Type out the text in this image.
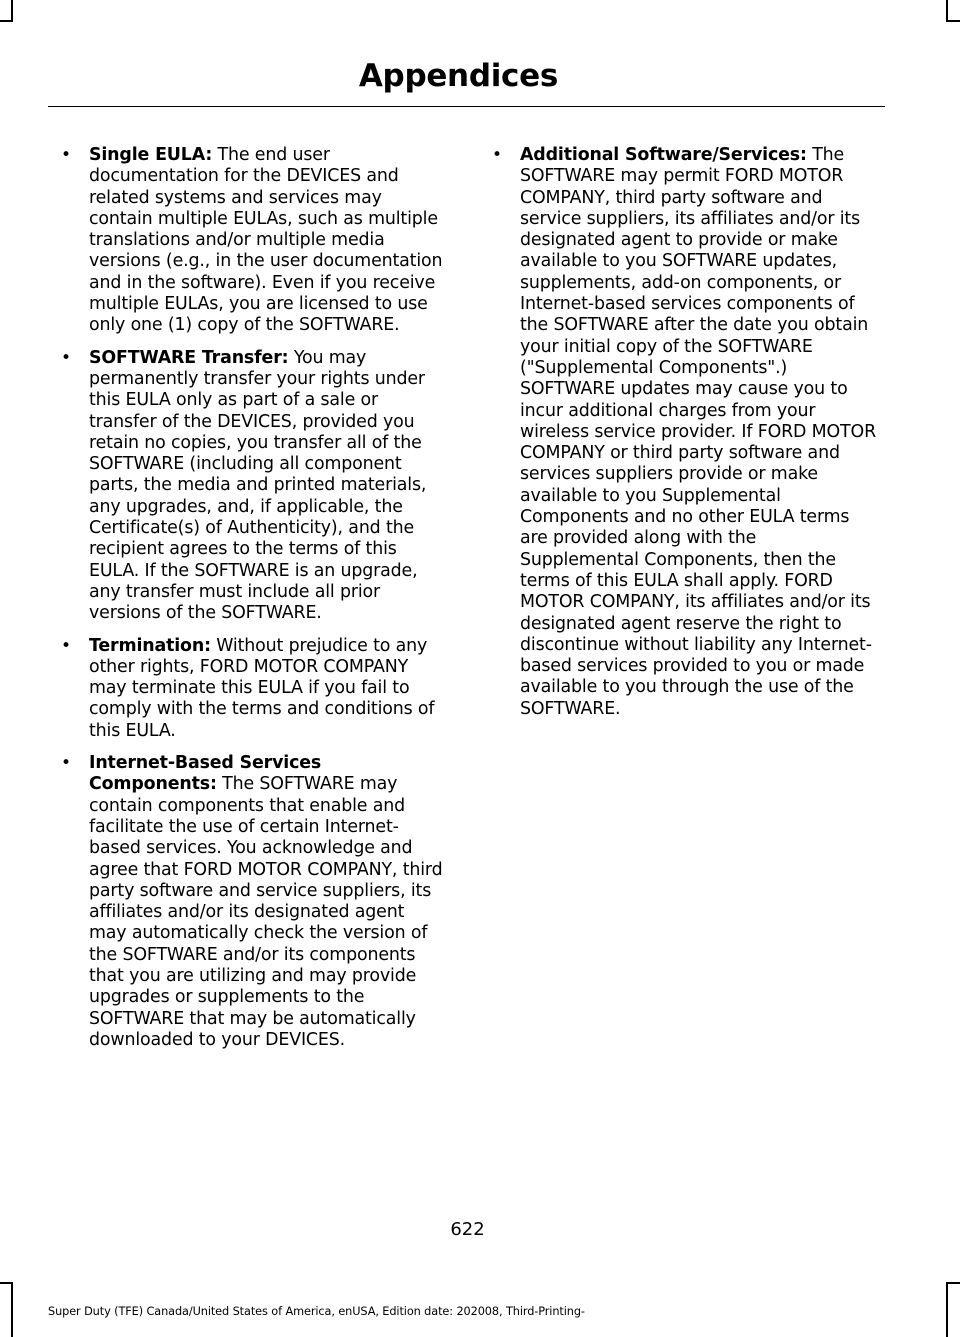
Appendices
• Single EULA: The end user documentation for the DEVICES and related systems and services may contain multiple EULAs, such as multiple translations and/or multiple media versions (e.g., in the user documentation and in the software). Even if you receive multiple EULAs, you are licensed to use only one (1) copy of the SOFTWARE.
• SOFTWARE Transfer: You may permanently transfer your rights under this EULA only as part of a sale or transfer of the DEVICES, provided you retain no copies, you transfer all of the SOFTWARE (including all component parts, the media and printed materials, any upgrades, and, if applicable, the Certificate(s) of Authenticity), and the recipient agrees to the terms of this EULA. If the SOFTWARE is an upgrade, any transfer must include all prior versions of the SOFTWARE.
• Termination: Without prejudice to any other rights, FORD MOTOR COMPANY may terminate this EULA if you fail to comply with the terms and conditions of this EULA.
• Internet-Based Services Components: The SOFTWARE may contain components that enable and facilitate the use of certain Internet-based services. You acknowledge and agree that FORD MOTOR COMPANY, third party software and service suppliers, its affiliates and/or its designated agent may automatically check the version of the SOFTWARE and/or its components that you are utilizing and may provide upgrades or supplements to the SOFTWARE that may be automatically downloaded to your DEVICES.
• Additional Software/Services: The SOFTWARE may permit FORD MOTOR COMPANY, third party software and service suppliers, its affiliates and/or its designated agent to provide or make available to you SOFTWARE updates, supplements, add-on components, or Internet-based services components of the SOFTWARE after the date you obtain your initial copy of the SOFTWARE ("Supplemental Components".) SOFTWARE updates may cause you to incur additional charges from your wireless service provider. If FORD MOTOR COMPANY or third party software and services suppliers provide or make available to you Supplemental Components and no other EULA terms are provided along with the Supplemental Components, then the terms of this EULA shall apply. FORD MOTOR COMPANY, its affiliates and/or its designated agent reserve the right to discontinue without liability any Internet-based services provided to you or made available to you through the use of the SOFTWARE.
622
Super Duty (TFE) Canada/United States of America, enUSA, Edition date: 202008, Third-Printing-
